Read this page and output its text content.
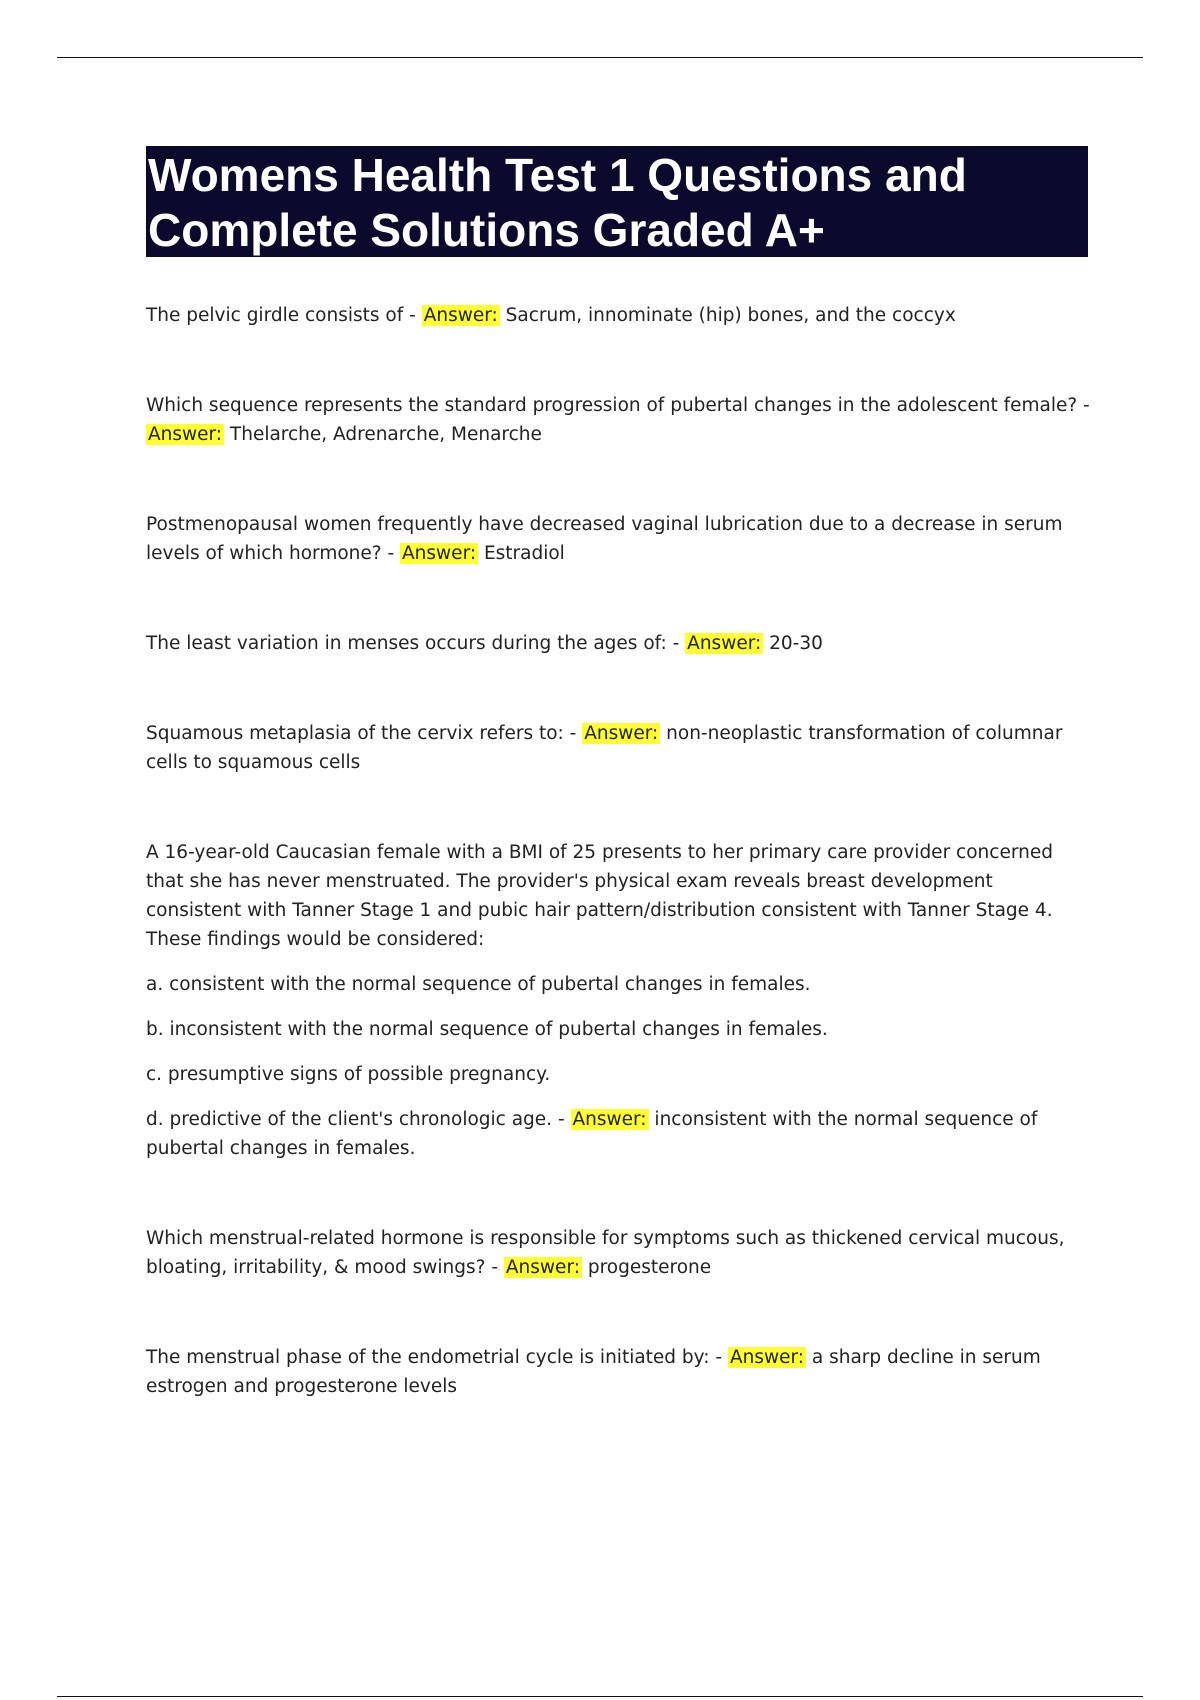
Womens Health Test 1 Questions and
Complete Solutions Graded A+

The pelvic girdle consists of - Answer: Sacrum, innominate (hip) bones, and the coccyx

Which sequence represents the standard progression of pubertal changes in the adolescent female? - Answer: Thelarche, Adrenarche, Menarche

Postmenopausal women frequently have decreased vaginal lubrication due to a decrease in serum levels of which hormone? - Answer: Estradiol

The least variation in menses occurs during the ages of: - Answer: 20-30

Squamous metaplasia of the cervix refers to: - Answer: non-neoplastic transformation of columnar cells to squamous cells

A 16-year-old Caucasian female with a BMI of 25 presents to her primary care provider concerned that she has never menstruated. The provider's physical exam reveals breast development consistent with Tanner Stage 1 and pubic hair pattern/distribution consistent with Tanner Stage 4. These findings would be considered:

a. consistent with the normal sequence of pubertal changes in females.

b. inconsistent with the normal sequence of pubertal changes in females.

c. presumptive signs of possible pregnancy.

d. predictive of the client's chronologic age. - Answer: inconsistent with the normal sequence of pubertal changes in females.

Which menstrual-related hormone is responsible for symptoms such as thickened cervical mucous, bloating, irritability, & mood swings? - Answer: progesterone

The menstrual phase of the endometrial cycle is initiated by: - Answer: a sharp decline in serum estrogen and progesterone levels
